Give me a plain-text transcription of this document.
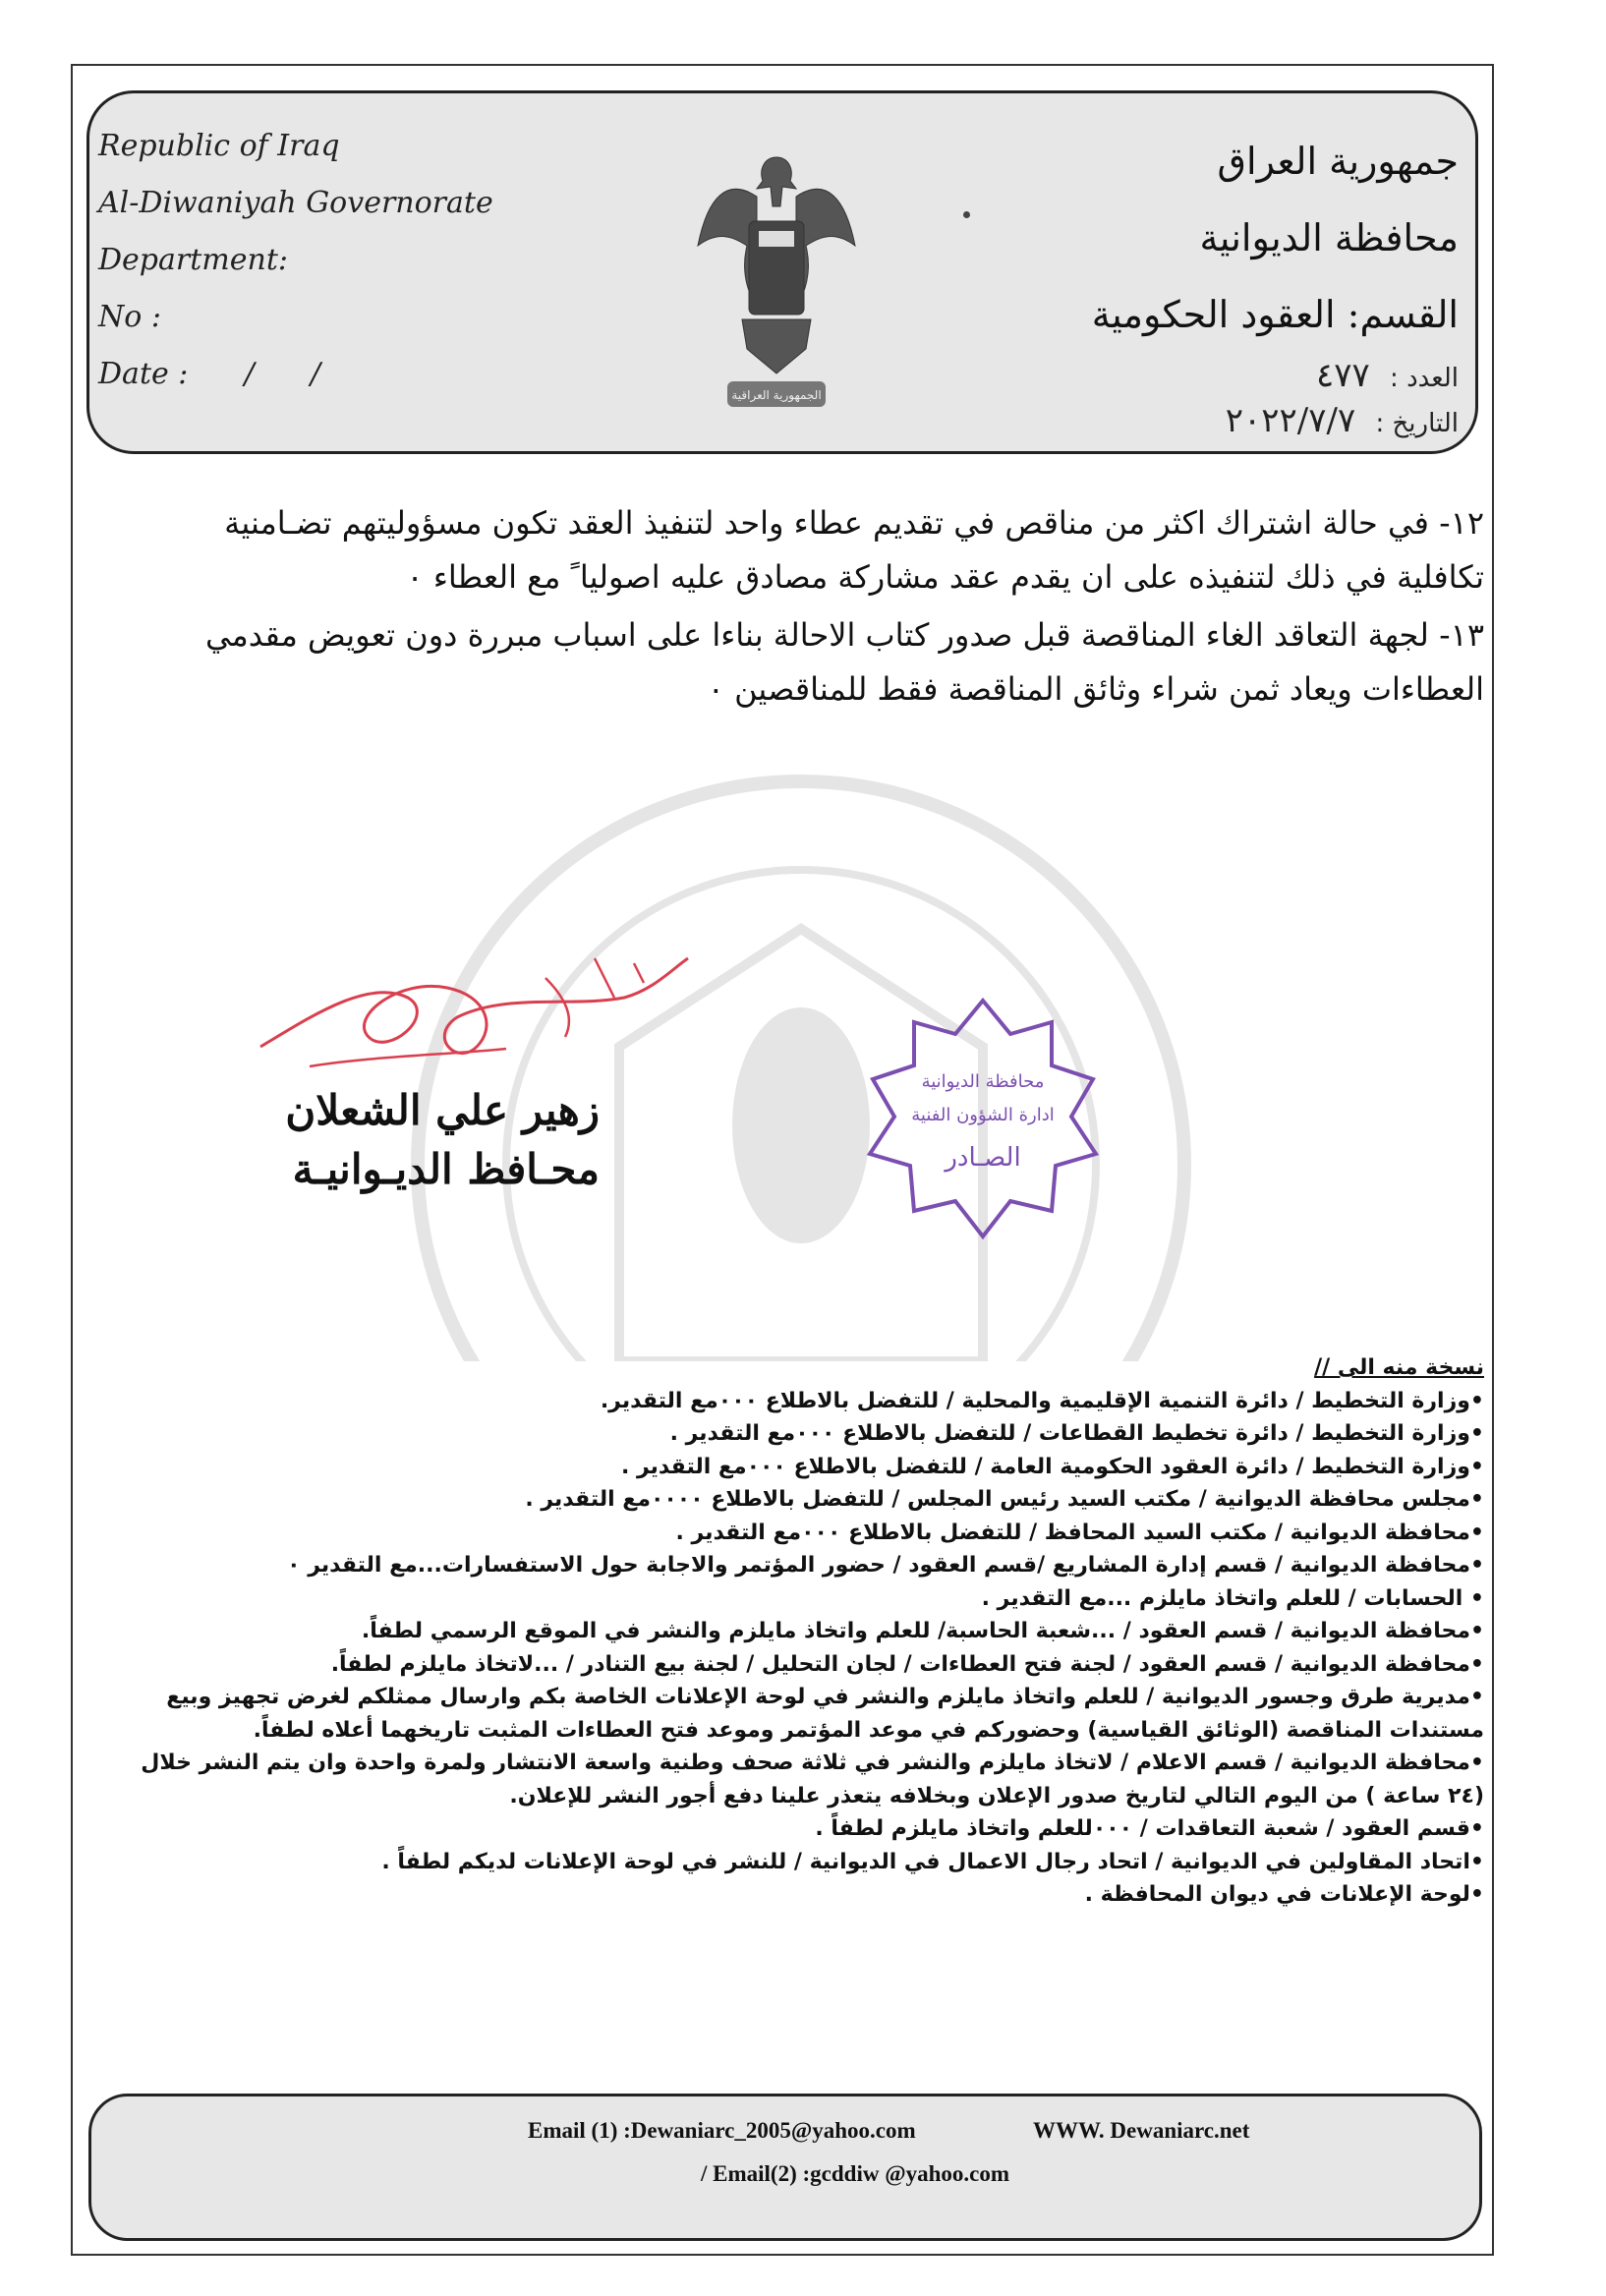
Republic of Iraq
Al-Diwaniyah Governorate
Department:
No :
Date :      /      /
جمهورية العراق
محافظة الديوانية
القسم: العقود الحكومية
العدد : ٤٧٧
التاريخ : ٢٠٢٢/٧/٧
الجمهورية العراقية

١٢- في حالة اشتراك اكثر من مناقص في تقديم عطاء واحد لتنفيذ العقد تكون مسؤوليتهم تضـامنية تكافلية في ذلك لتنفيذه على ان يقدم عقد مشاركة مصادق عليه اصوليا ً مع العطاء ٠

١٣- لجهة التعاقد الغاء المناقصة قبل صدور كتاب الاحالة بناءا على اسباب مبررة دون تعويض مقدمي العطاءات ويعاد ثمن شراء وثائق المناقصة فقط للمناقصين ٠

زهير علي الشعلان
محـافظ الديـوانيـة
محافظة الديوانية
ادارة الشؤون الفنية
الصـادر
نسخة منه الى //
•وزارة التخطيط / دائرة التنمية الإقليمية والمحلية / للتفضل بالاطلاع ٠٠٠مع التقدير.
•وزارة التخطيط / دائرة تخطيط القطاعات / للتفضل بالاطلاع ٠٠٠مع التقدير .
•وزارة التخطيط / دائرة العقود الحكومية العامة / للتفضل بالاطلاع ٠٠٠مع التقدير .
•مجلس محافظة الديوانية / مكتب السيد رئيس المجلس / للتفضل بالاطلاع ٠٠٠٠مع التقدير .
•محافظة الديوانية / مكتب السيد المحافظ / للتفضل بالاطلاع ٠٠٠مع التقدير .
•محافظة الديوانية / قسم إدارة المشاريع /قسم العقود / حضور المؤتمر والاجابة حول الاستفسارات...مع التقدير ٠
• الحسابات / للعلم واتخاذ مايلزم ...مع التقدير .
•محافظة الديوانية / قسم العقود / ...شعبة الحاسبة/ للعلم واتخاذ مايلزم والنشر في الموقع الرسمي لطفاً.
•محافظة الديوانية / قسم العقود / لجنة فتح العطاءات / لجان التحليل / لجنة بيع التنادر / ...لاتخاذ مايلزم لطفاً.
•مديرية طرق وجسور الديوانية / للعلم واتخاذ مايلزم والنشر في لوحة الإعلانات الخاصة بكم وارسال ممثلكم لغرض تجهيز وبيع مستندات المناقصة (الوثائق القياسية) وحضوركم في موعد المؤتمر وموعد فتح العطاءات المثبت تاريخهما أعلاه لطفاً.
•محافظة الديوانية / قسم الاعلام / لاتخاذ مايلزم والنشر في ثلاثة صحف وطنية واسعة الانتشار ولمرة واحدة وان يتم النشر خلال (٢٤ ساعة ) من اليوم التالي لتاريخ صدور الإعلان وبخلافه يتعذر علينا دفع أجور النشر للإعلان.
•قسم العقود / شعبة التعاقدات / ٠٠٠للعلم واتخاذ مايلزم لطفاً .
•اتحاد المقاولين في الديوانية / اتحاد رجال الاعمال في الديوانية / للنشر في لوحة الإعلانات لديكم لطفاً .
•لوحة الإعلانات في ديوان المحافظة .
Email (1) :Dewaniarc_2005@yahoo.com	WWW. Dewaniarc.net
/ Email(2) :gcddiw @yahoo.com
